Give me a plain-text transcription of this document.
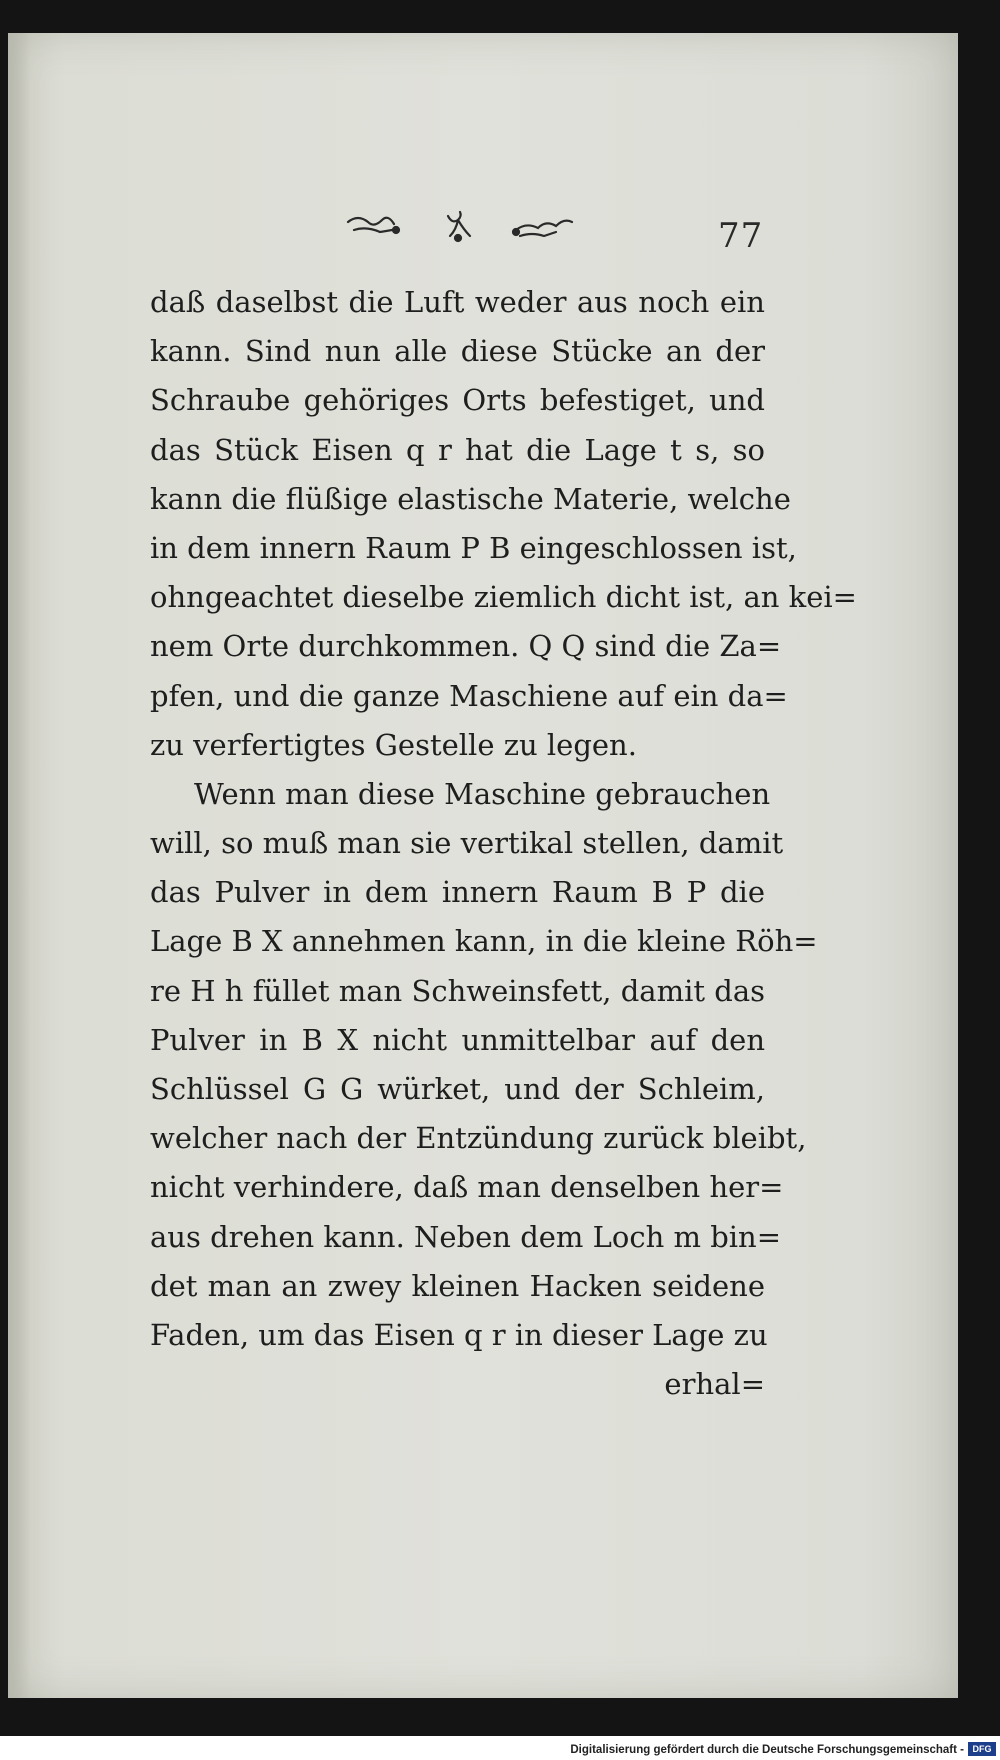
77
daß daselbst die Luft weder aus noch ein
kann. Sind nun alle diese Stücke an der
Schraube gehöriges Orts befestiget, und
das Stück Eisen q r hat die Lage t s, so
kann die flüßige elastische Materie, welche
in dem innern Raum P B eingeschlossen ist,
ohngeachtet dieselbe ziemlich dicht ist, an kei=
nem Orte durchkommen. Q Q sind die Za=
pfen, und die ganze Maschiene auf ein da=
zu verfertigtes Gestelle zu legen.
Wenn man diese Maschine gebrauchen
will, so muß man sie vertikal stellen, damit
das Pulver in dem innern Raum B P die
Lage B X annehmen kann, in die kleine Röh=
re H h füllet man Schweinsfett, damit das
Pulver in B X nicht unmittelbar auf den
Schlüssel G G würket, und der Schleim,
welcher nach der Entzündung zurück bleibt,
nicht verhindere, daß man denselben her=
aus drehen kann. Neben dem Loch m bin=
det man an zwey kleinen Hacken seidene
Faden, um das Eisen q r in dieser Lage zu
erhal=
Digitalisierung gefördert durch die Deutsche Forschungsgemeinschaft - DFG
